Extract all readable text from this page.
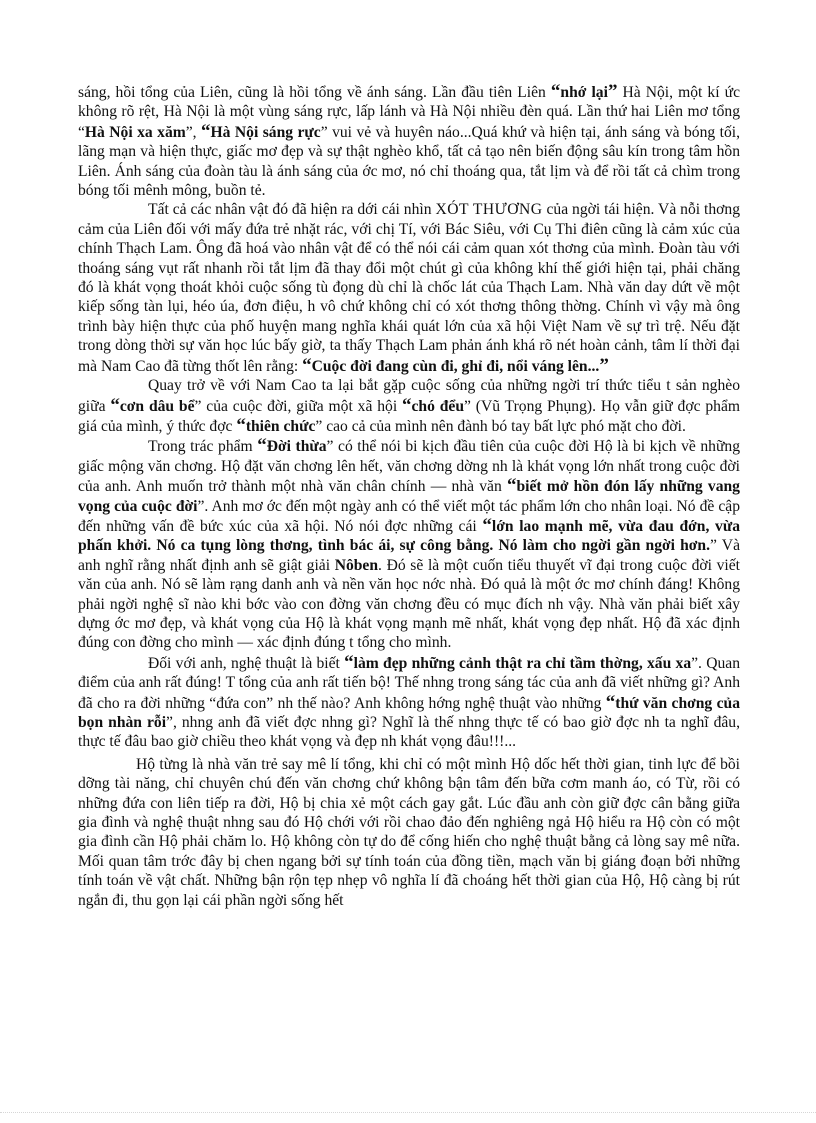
sáng, hồi tổng của Liên, cũng là hồi tổng về ánh sáng. Lần đầu tiên Liên “nhớ lại” Hà Nội, một kí ức không rõ rệt, Hà Nội là một vùng sáng rực, lấp lánh và Hà Nội nhiều đèn quá. Lần thứ hai Liên mơ tổng “Hà Nội xa xăm”, “Hà Nội sáng rực” vui vẻ và huyên náo...Quá khứ và hiện tại, ánh sáng và bóng tối, lãng mạn và hiện thực, giấc mơ đẹp và sự thật nghèo khổ, tất cả tạo nên biến động sâu kín trong tâm hồn Liên. Ánh sáng của đoàn tàu là ánh sáng của ớc mơ, nó chỉ thoáng qua, tắt lịm và để rồi tất cả chìm trong bóng tối mênh mông, buồn tẻ.

Tất cả các nhân vật đó đã hiện ra dới cái nhìn XÓT THƯƠNG của ngời tái hiện. Và nỗi thơng cảm của Liên đối với mấy đứa trẻ nhặt rác, với chị Tí, với Bác Siêu, với Cụ Thi điên cũng là cảm xúc của chính Thạch Lam. Ông đã hoá vào nhân vật để có thể nói cái cảm quan xót thơng của mình. Đoàn tàu với thoáng sáng vụt rất nhanh rồi tắt lịm đã thay đổi một chút gì của không khí thế giới hiện tại, phải chăng đó là khát vọng thoát khỏi cuộc sống tù đọng dù chỉ là chốc lát của Thạch Lam. Nhà văn day dứt về một kiếp sống tàn lụi, héo úa, đơn điệu, h vô chứ không chỉ có xót thơng thông thờng. Chính vì vậy mà ông trình bày hiện thực của phố huyện mang nghĩa khái quát lớn của xã hội Việt Nam về sự trì trệ. Nếu đặt trong dòng thời sự văn học lúc bấy giờ, ta thấy Thạch Lam phản ánh khá rõ nét hoàn cảnh, tâm lí thời đại mà Nam Cao đã từng thốt lên rằng: “Cuộc đời đang cùn đi, ghỉ đi, nổi váng lên...”

Quay trở về với Nam Cao ta lại bắt gặp cuộc sống của những ngời trí thức tiểu t sản nghèo giữa “cơn dâu bể” của cuộc đời, giữa một xã hội “chó đểu” (Vũ Trọng Phụng). Họ vẫn giữ đợc phẩm giá của mình, ý thức đợc “thiên chức” cao cả của mình nên đành bó tay bất lực phó mặt cho đời.

Trong trác phẩm “Đời thừa” có thể nói bi kịch đầu tiên của cuộc đời Hộ là bi kịch về những giấc mộng văn chơng. Hộ đặt văn chơng lên hết, văn chơng dờng nh là khát vọng lớn nhất trong cuộc đời của anh. Anh muốn trở thành một nhà văn chân chính — nhà văn “biết mở hồn đón lấy những vang vọng của cuộc đời”. Anh mơ ớc đến một ngày anh có thể viết một tác phẩm lớn cho nhân loại. Nó đề cập đến những vấn đề bức xúc của xã hội. Nó nói đợc những cái “lớn lao mạnh mẽ, vừa đau đớn, vừa phấn khởi. Nó ca tụng lòng thơng, tình bác ái, sự công bằng. Nó làm cho ngời gần ngời hơn.” Và anh nghĩ rằng nhất định anh sẽ giật giải Nôben. Đó sẽ là một cuốn tiểu thuyết vĩ đại trong cuộc đời viết văn của anh. Nó sẽ làm rạng danh anh và nền văn học nớc nhà. Đó quả là một ớc mơ chính đáng! Không phải ngời nghệ sĩ nào khi bớc vào con đờng văn chơng đều có mục đích nh vậy. Nhà văn phải biết xây dựng ớc mơ đẹp, và khát vọng của Hộ là khát vọng mạnh mẽ nhất, khát vọng đẹp nhất. Hộ đã xác định đúng con đờng cho mình — xác định đúng t tổng cho mình.

Đối với anh, nghệ thuật là biết “làm đẹp những cảnh thật ra chỉ tầm thờng, xấu xa”. Quan điểm của anh rất đúng! T tổng của anh rất tiến bộ! Thế nhng trong sáng tác của anh đã viết những gì? Anh đã cho ra đời những “đứa con” nh thế nào? Anh không hớng nghệ thuật vào những “thứ văn chơng của bọn nhàn rỗi”, nhng anh đã viết đợc nhng gì? Nghĩ là thế nhng thực tế có bao giờ đợc nh ta nghĩ đâu, thực tế đâu bao giờ chiều theo khát vọng và đẹp nh khát vọng đâu!!!...

Hộ từng là nhà văn trẻ say mê lí tổng, khi chỉ có một mình Hộ dốc hết thời gian, tinh lực để bồi dỡng tài năng, chỉ chuyên chú đến văn chơng chứ không bận tâm đến bữa cơm manh áo, có Từ, rồi có những đứa con liên tiếp ra đời, Hộ bị chia xẻ một cách gay gắt. Lúc đầu anh còn giữ đợc cân bằng giữa gia đình và nghệ thuật nhng sau đó Hộ chới với rồi chao đảo đến nghiêng ngả Hộ hiểu ra Hộ còn có một gia đình cần Hộ phải chăm lo. Hộ không còn tự do để cống hiến cho nghệ thuật bằng cả lòng say mê nữa. Mối quan tâm trớc đây bị chen ngang bởi sự tính toán của đồng tiền, mạch văn bị giáng đoạn bởi những tính toán về vật chất. Những bận rộn tẹp nhẹp vô nghĩa lí đã choáng hết thời gian của Hộ, Hộ càng bị rút ngắn đi, thu gọn lại cái phần ngời sống hết
